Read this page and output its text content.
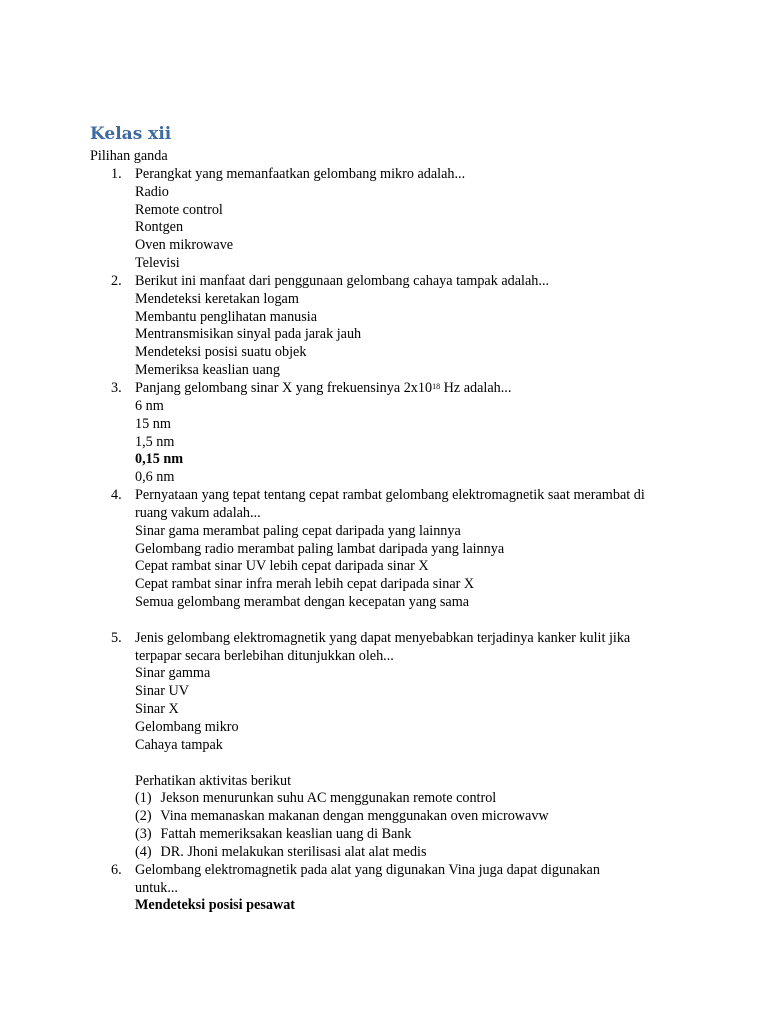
Kelas xii
Pilihan ganda
1. Perangkat yang memanfaatkan gelombang mikro adalah...
Radio
Remote control
Rontgen
Oven mikrowave
Televisi
2. Berikut ini manfaat dari penggunaan gelombang cahaya tampak adalah...
Mendeteksi keretakan logam
Membantu penglihatan manusia
Mentransmisikan sinyal pada jarak jauh
Mendeteksi posisi suatu objek
Memeriksa keaslian uang
3. Panjang gelombang sinar X yang frekuensinya $2x10^{18}$ Hz adalah...
6 nm
15 nm
1,5 nm
0,15 nm
0,6 nm
4. Pernyataan yang tepat tentang cepat rambat gelombang elektromagnetik saat merambat di
ruang vakum adalah...
Sinar gama merambat paling cepat daripada yang lainnya
Gelombang radio merambat paling lambat daripada yang lainnya
Cepat rambat sinar UV lebih cepat daripada sinar X
Cepat rambat sinar infra merah lebih cepat daripada sinar X
Semua gelombang merambat dengan kecepatan yang sama
5. Jenis gelombang elektromagnetik yang dapat menyebabkan terjadinya kanker kulit jika
terpapar secara berlebihan ditunjukkan oleh...
Sinar gamma
Sinar UV
Sinar X
Gelombang mikro
Cahaya tampak
Perhatikan aktivitas berikut
(1) Jekson menurunkan suhu AC menggunakan remote control
(2) Vina memanaskan makanan dengan menggunakan oven microwavw
(3) Fattah memeriksakan keaslian uang di Bank
(4) DR. Jhoni melakukan sterilisasi alat alat medis
6. Gelombang elektromagnetik pada alat yang digunakan Vina juga dapat digunakan
untuk...
Mendeteksi posisi pesawat
